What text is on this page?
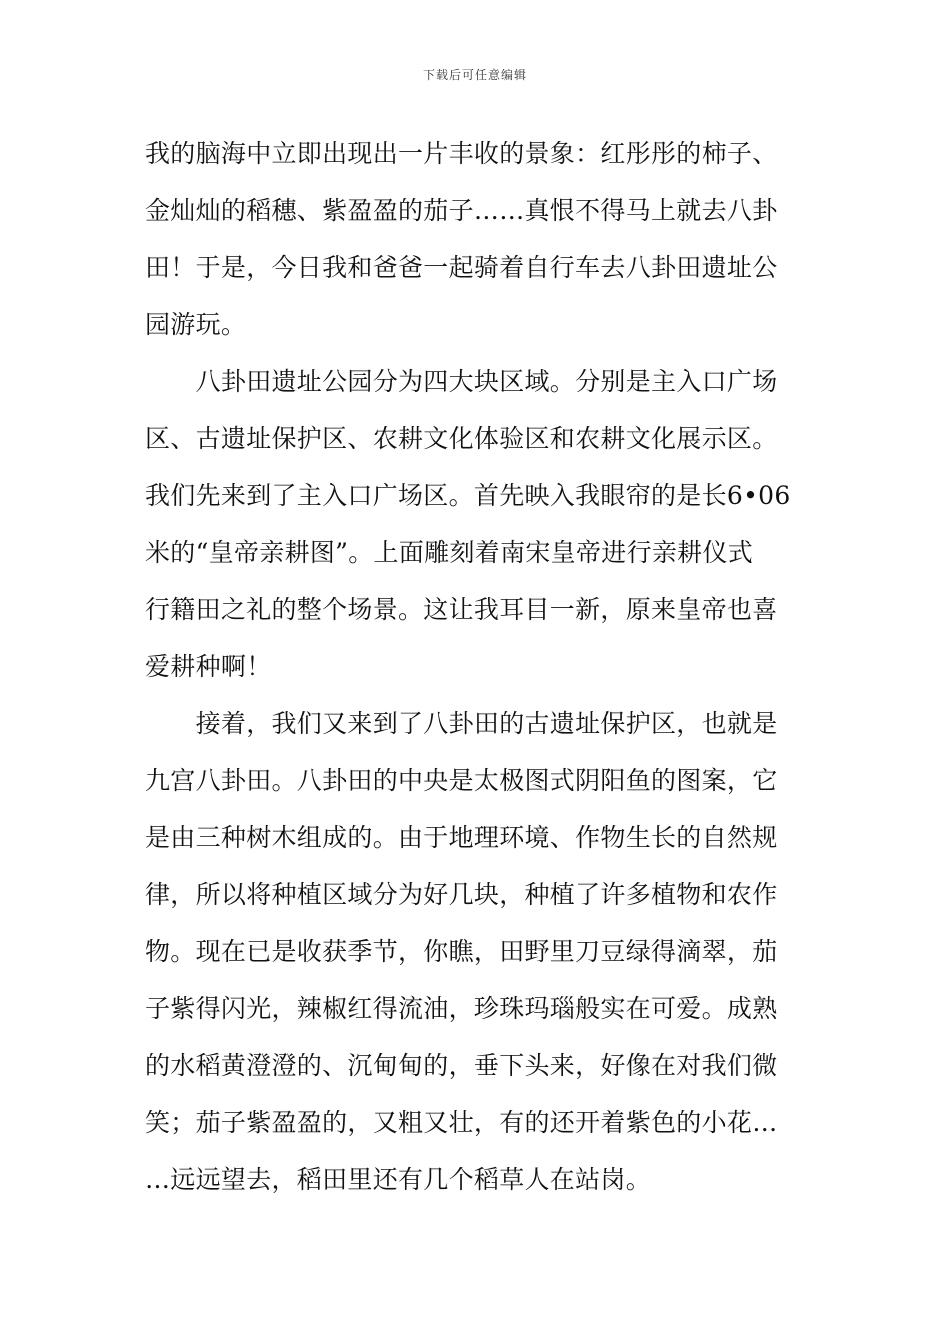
下载后可任意编辑
我的脑海中立即出现出一片丰收的景象：红彤彤的柿子、
金灿灿的稻穗、紫盈盈的茄子……真恨不得马上就去八卦
田！于是，今日我和爸爸一起骑着自行车去八卦田遗址公
园游玩。
　　八卦田遗址公园分为四大块区域。分别是主入口广场
区、古遗址保护区、农耕文化体验区和农耕文化展示区。
我们先来到了主入口广场区。首先映入我眼帘的是长6•06
米的“皇帝亲耕图”。上面雕刻着南宋皇帝进行亲耕仪式
行籍田之礼的整个场景。这让我耳目一新，原来皇帝也喜
爱耕种啊！
　　接着，我们又来到了八卦田的古遗址保护区，也就是
九宫八卦田。八卦田的中央是太极图式阴阳鱼的图案，它
是由三种树木组成的。由于地理环境、作物生长的自然规
律，所以将种植区域分为好几块，种植了许多植物和农作
物。现在已是收获季节，你瞧，田野里刀豆绿得滴翠，茄
子紫得闪光，辣椒红得流油，珍珠玛瑙般实在可爱。成熟
的水稻黄澄澄的、沉甸甸的，垂下头来，好像在对我们微
笑；茄子紫盈盈的，又粗又壮，有的还开着紫色的小花…
…远远望去，稻田里还有几个稻草人在站岗。
